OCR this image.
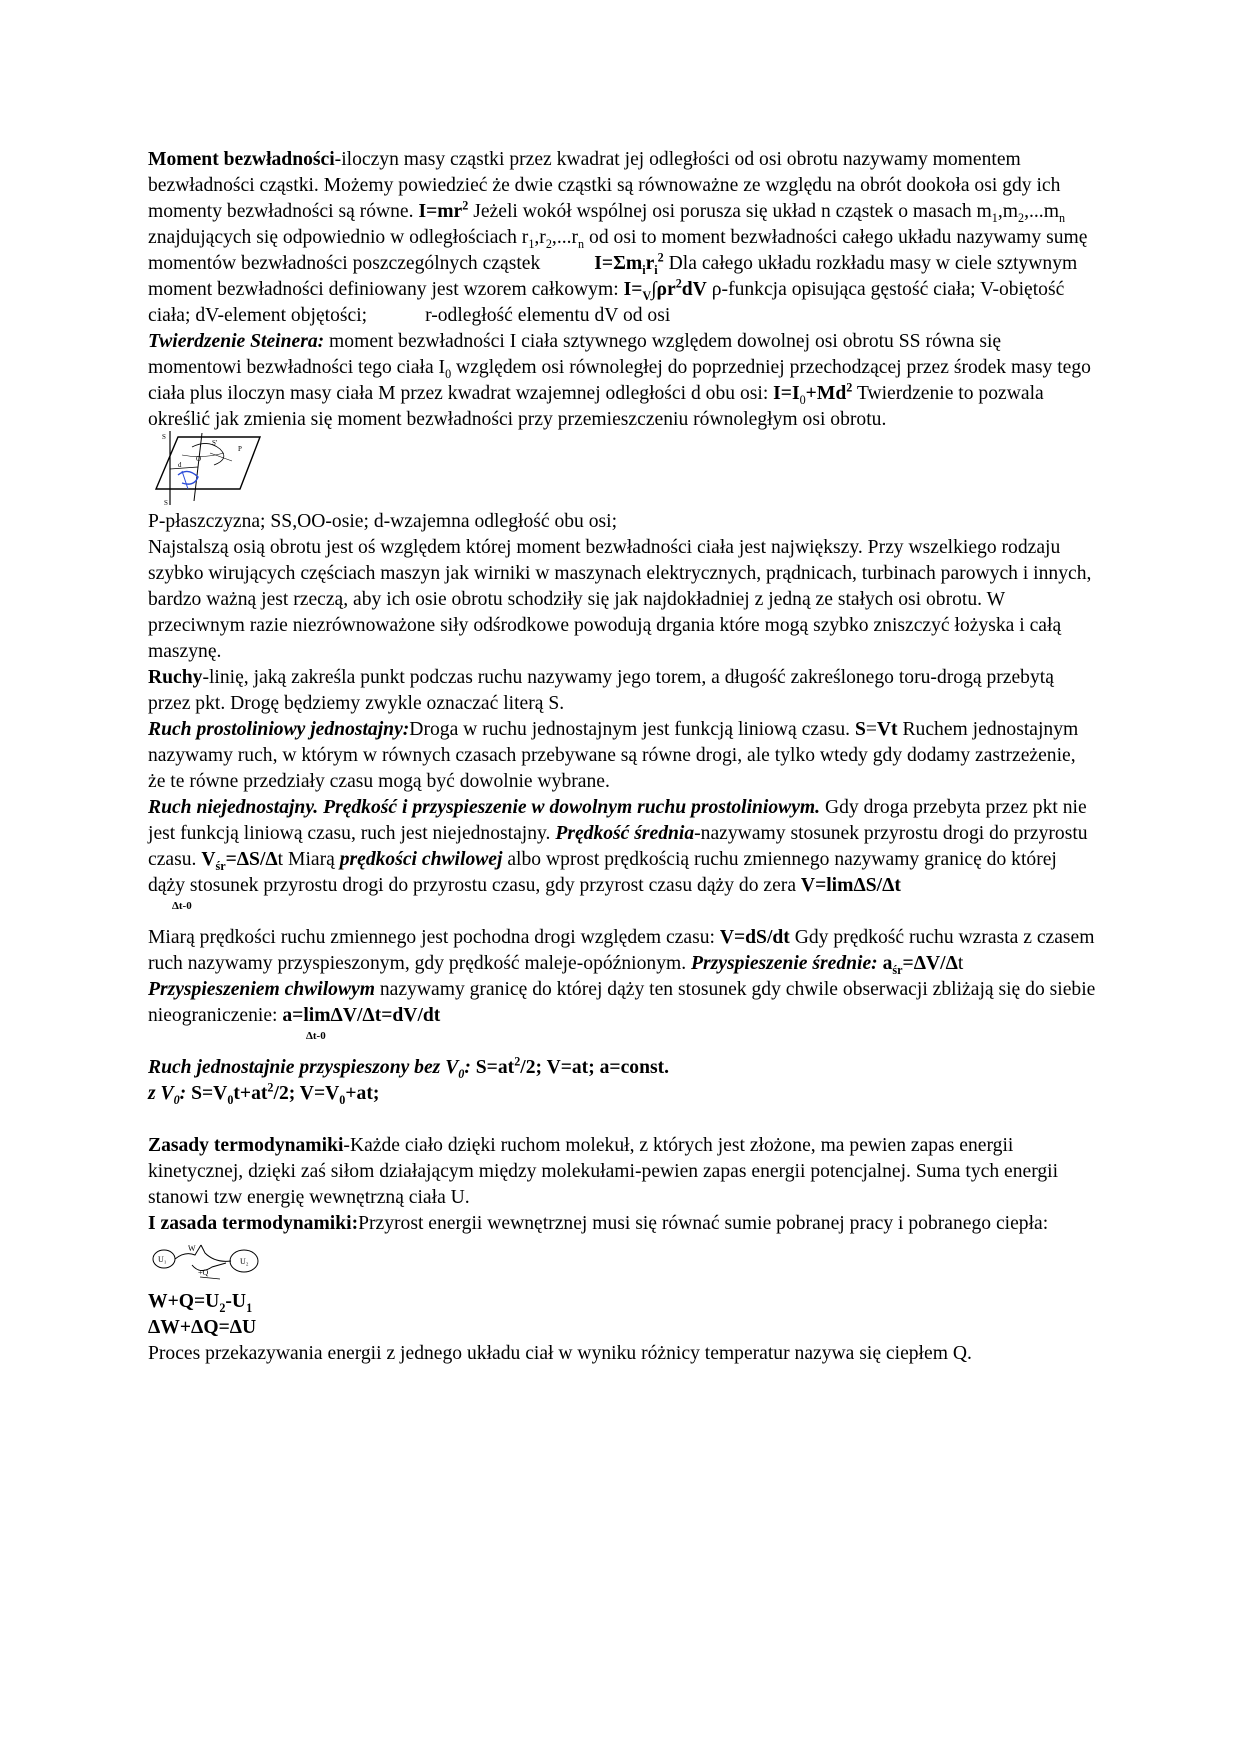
Moment bezwładności-iloczyn masy cząstki przez kwadrat jej odległości od osi obrotu nazywamy momentem bezwładności cząstki. Możemy powiedzieć że dwie cząstki są równoważne ze względu na obrót dookoła osi gdy ich momenty bezwładności są równe. $I=mr^2$ Jeżeli wokół wspólnej osi porusza się układ n cząstek o masach $m_1,m_2,...m_n$ znajdujących się odpowiednio w odległościach $r_1,r_2,...r_n$ od osi to moment bezwładności całego układu nazywamy sumę momentów bezwładności poszczególnych cząstek	$I=\Sigma m_ir_i^2$ Dla całego układu rozkładu masy w ciele sztywnym moment bezwładności definiowany jest wzorem całkowym: $I=_V\int\rho r^2dV$ ρ-funkcja opisująca gęstość ciała; V-obiętość ciała; dV-element objętości;	r-odległość elementu dV od osi

Twierdzenie Steinera: moment bezwładności I ciała sztywnego względem dowolnej osi obrotu SS równa się momentowi bezwładności tego ciała $I_0$ względem osi równoległej do poprzedniej przechodzącej przez środek masy tego ciała plus iloczyn masy ciała M przez kwadrat wzajemnej odległości d obu osi: $I=I_0+Md^2$ Twierdzenie to pozwala określić jak zmienia się moment bezwładności przy przemieszczeniu równoległym osi obrotu.

S
P
S'
O
d
S

P-płaszczyzna; SS,OO-osie; d-wzajemna odległość obu osi;

Najstalszą osią obrotu jest oś względem której moment bezwładności ciała jest największy. Przy wszelkiego rodzaju szybko wirujących częściach maszyn jak wirniki w maszynach elektrycznych, prądnicach, turbinach parowych i innych, bardzo ważną jest rzeczą, aby ich osie obrotu schodziły się jak najdokładniej z jedną ze stałych osi obrotu. W przeciwnym razie niezrównoważone siły odśrodkowe powodują drgania które mogą szybko zniszczyć łożyska i całą maszynę.

Ruchy-linię, jaką zakreśla punkt podczas ruchu nazywamy jego torem, a długość zakreślonego toru-drogą przebytą przez pkt. Drogę będziemy zwykle oznaczać literą S.

Ruch prostoliniowy jednostajny:Droga w ruchu jednostajnym jest funkcją liniową czasu. S=Vt Ruchem jednostajnym nazywamy ruch, w którym w równych czasach przebywane są równe drogi, ale tylko wtedy gdy dodamy zastrzeżenie, że te równe przedziały czasu mogą być dowolnie wybrane.

Ruch niejednostajny. Prędkość i przyspieszenie w dowolnym ruchu prostoliniowym. Gdy droga przebyta przez pkt nie jest funkcją liniową czasu, ruch jest niejednostajny. Prędkość średnia-nazywamy stosunek przyrostu drogi do przyrostu czasu. $V_{śr}=\Delta S/\Delta t$ Miarą prędkości chwilowej albo wprost prędkością ruchu zmiennego nazywamy granicę do której dąży stosunek przyrostu drogi do przyrostu czasu, gdy przyrost czasu dąży do zera V=limΔS/Δt

Δt-0

Miarą prędkości ruchu zmiennego jest pochodna drogi względem czasu: V=dS/dt Gdy prędkość ruchu wzrasta z czasem ruch nazywamy przyspieszonym, gdy prędkość maleje-opóźnionym. Przyspieszenie średnie: $a_{śr}=\Delta V/\Delta t$ Przyspieszeniem chwilowym nazywamy granicę do której dąży ten stosunek gdy chwile obserwacji zbliżają się do siebie nieograniczenie: a=limΔV/Δt=dV/dt

Δt-0

Ruch jednostajnie przyspieszony bez $V_0$: $S=at^2/2$; V=at; a=const.

z $V_0$: $S=V_0t+at^2/2$; $V=V_0+at$;

Zasady termodynamiki-Każde ciało dzięki ruchom molekuł, z których jest złożone, ma pewien zapas energii kinetycznej, dzięki zaś siłom działającym między molekułami-pewien zapas energii potencjalnej. Suma tych energii stanowi tzw energię wewnętrzną ciała U.

I zasada termodynamiki:Przyrost energii wewnętrznej musi się równać sumie pobranej pracy i pobranego ciepła:

U₁
W
+Q
U₂

$W+Q=U_2-U_1$

ΔW+ΔQ=ΔU

Proces przekazywania energii z jednego układu ciał w wyniku różnicy temperatur nazywa się ciepłem Q.
